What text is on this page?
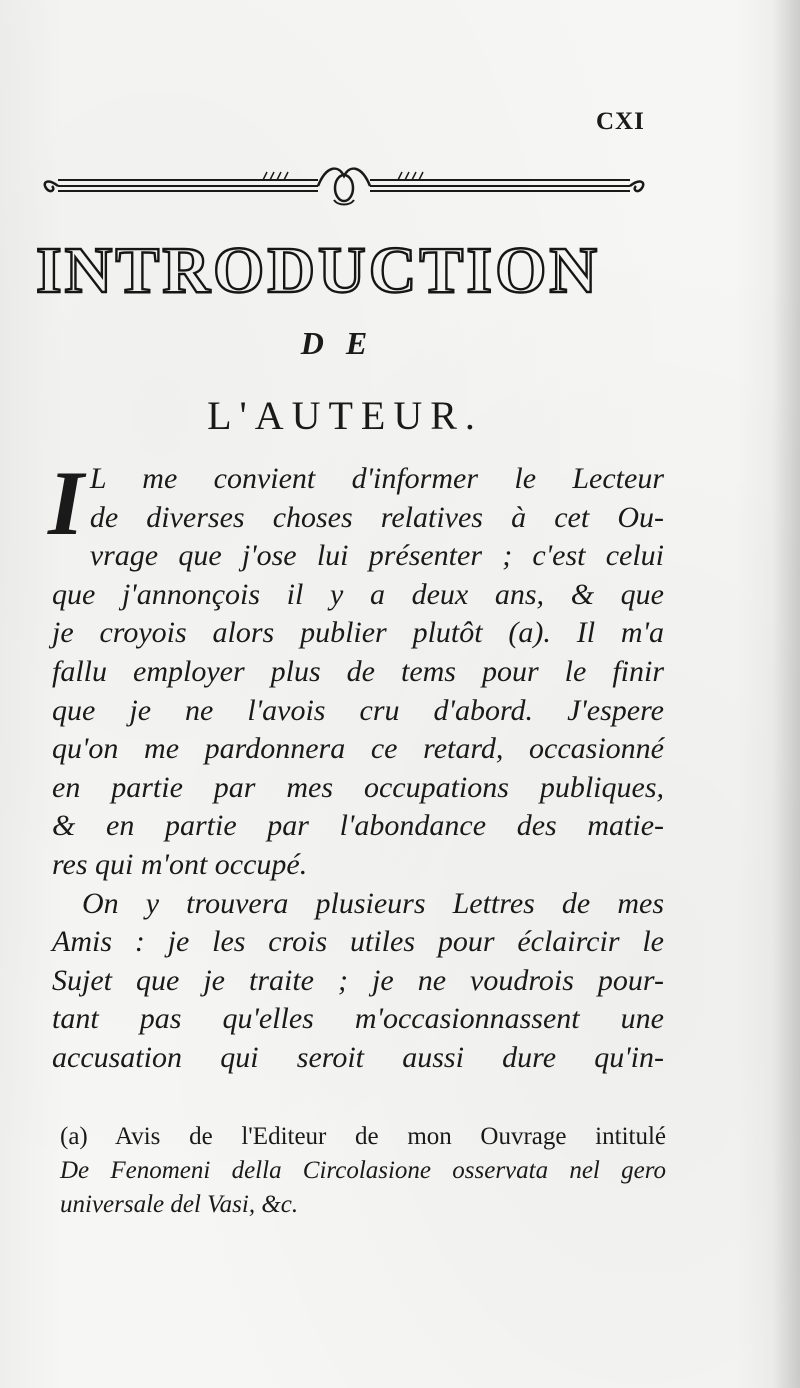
CXI
INTRODUCTION
DE
L'AUTEUR.
I L me convient d'informer le Lecteur
de diverses choses relatives à cet Ou-
vrage que j'ose lui présenter ; c'est celui
que j'annonçois il y a deux ans, & que
je croyois alors publier plutôt (a). Il m'a
fallu employer plus de tems pour le finir
que je ne l'avois cru d'abord. J'espere
qu'on me pardonnera ce retard, occasionné
en partie par mes occupations publiques,
& en partie par l'abondance des matie-
res qui m'ont occupé.
On y trouvera plusieurs Lettres de mes
Amis : je les crois utiles pour éclaircir le
Sujet que je traite ; je ne voudrois pour-
tant pas qu'elles m'occasionnassent une
accusation qui seroit aussi dure qu'in-
(a) Avis de l'Editeur de mon Ouvrage intitulé
De Fenomeni della Circolasione osservata nel gero
universale del Vasi, &c.
